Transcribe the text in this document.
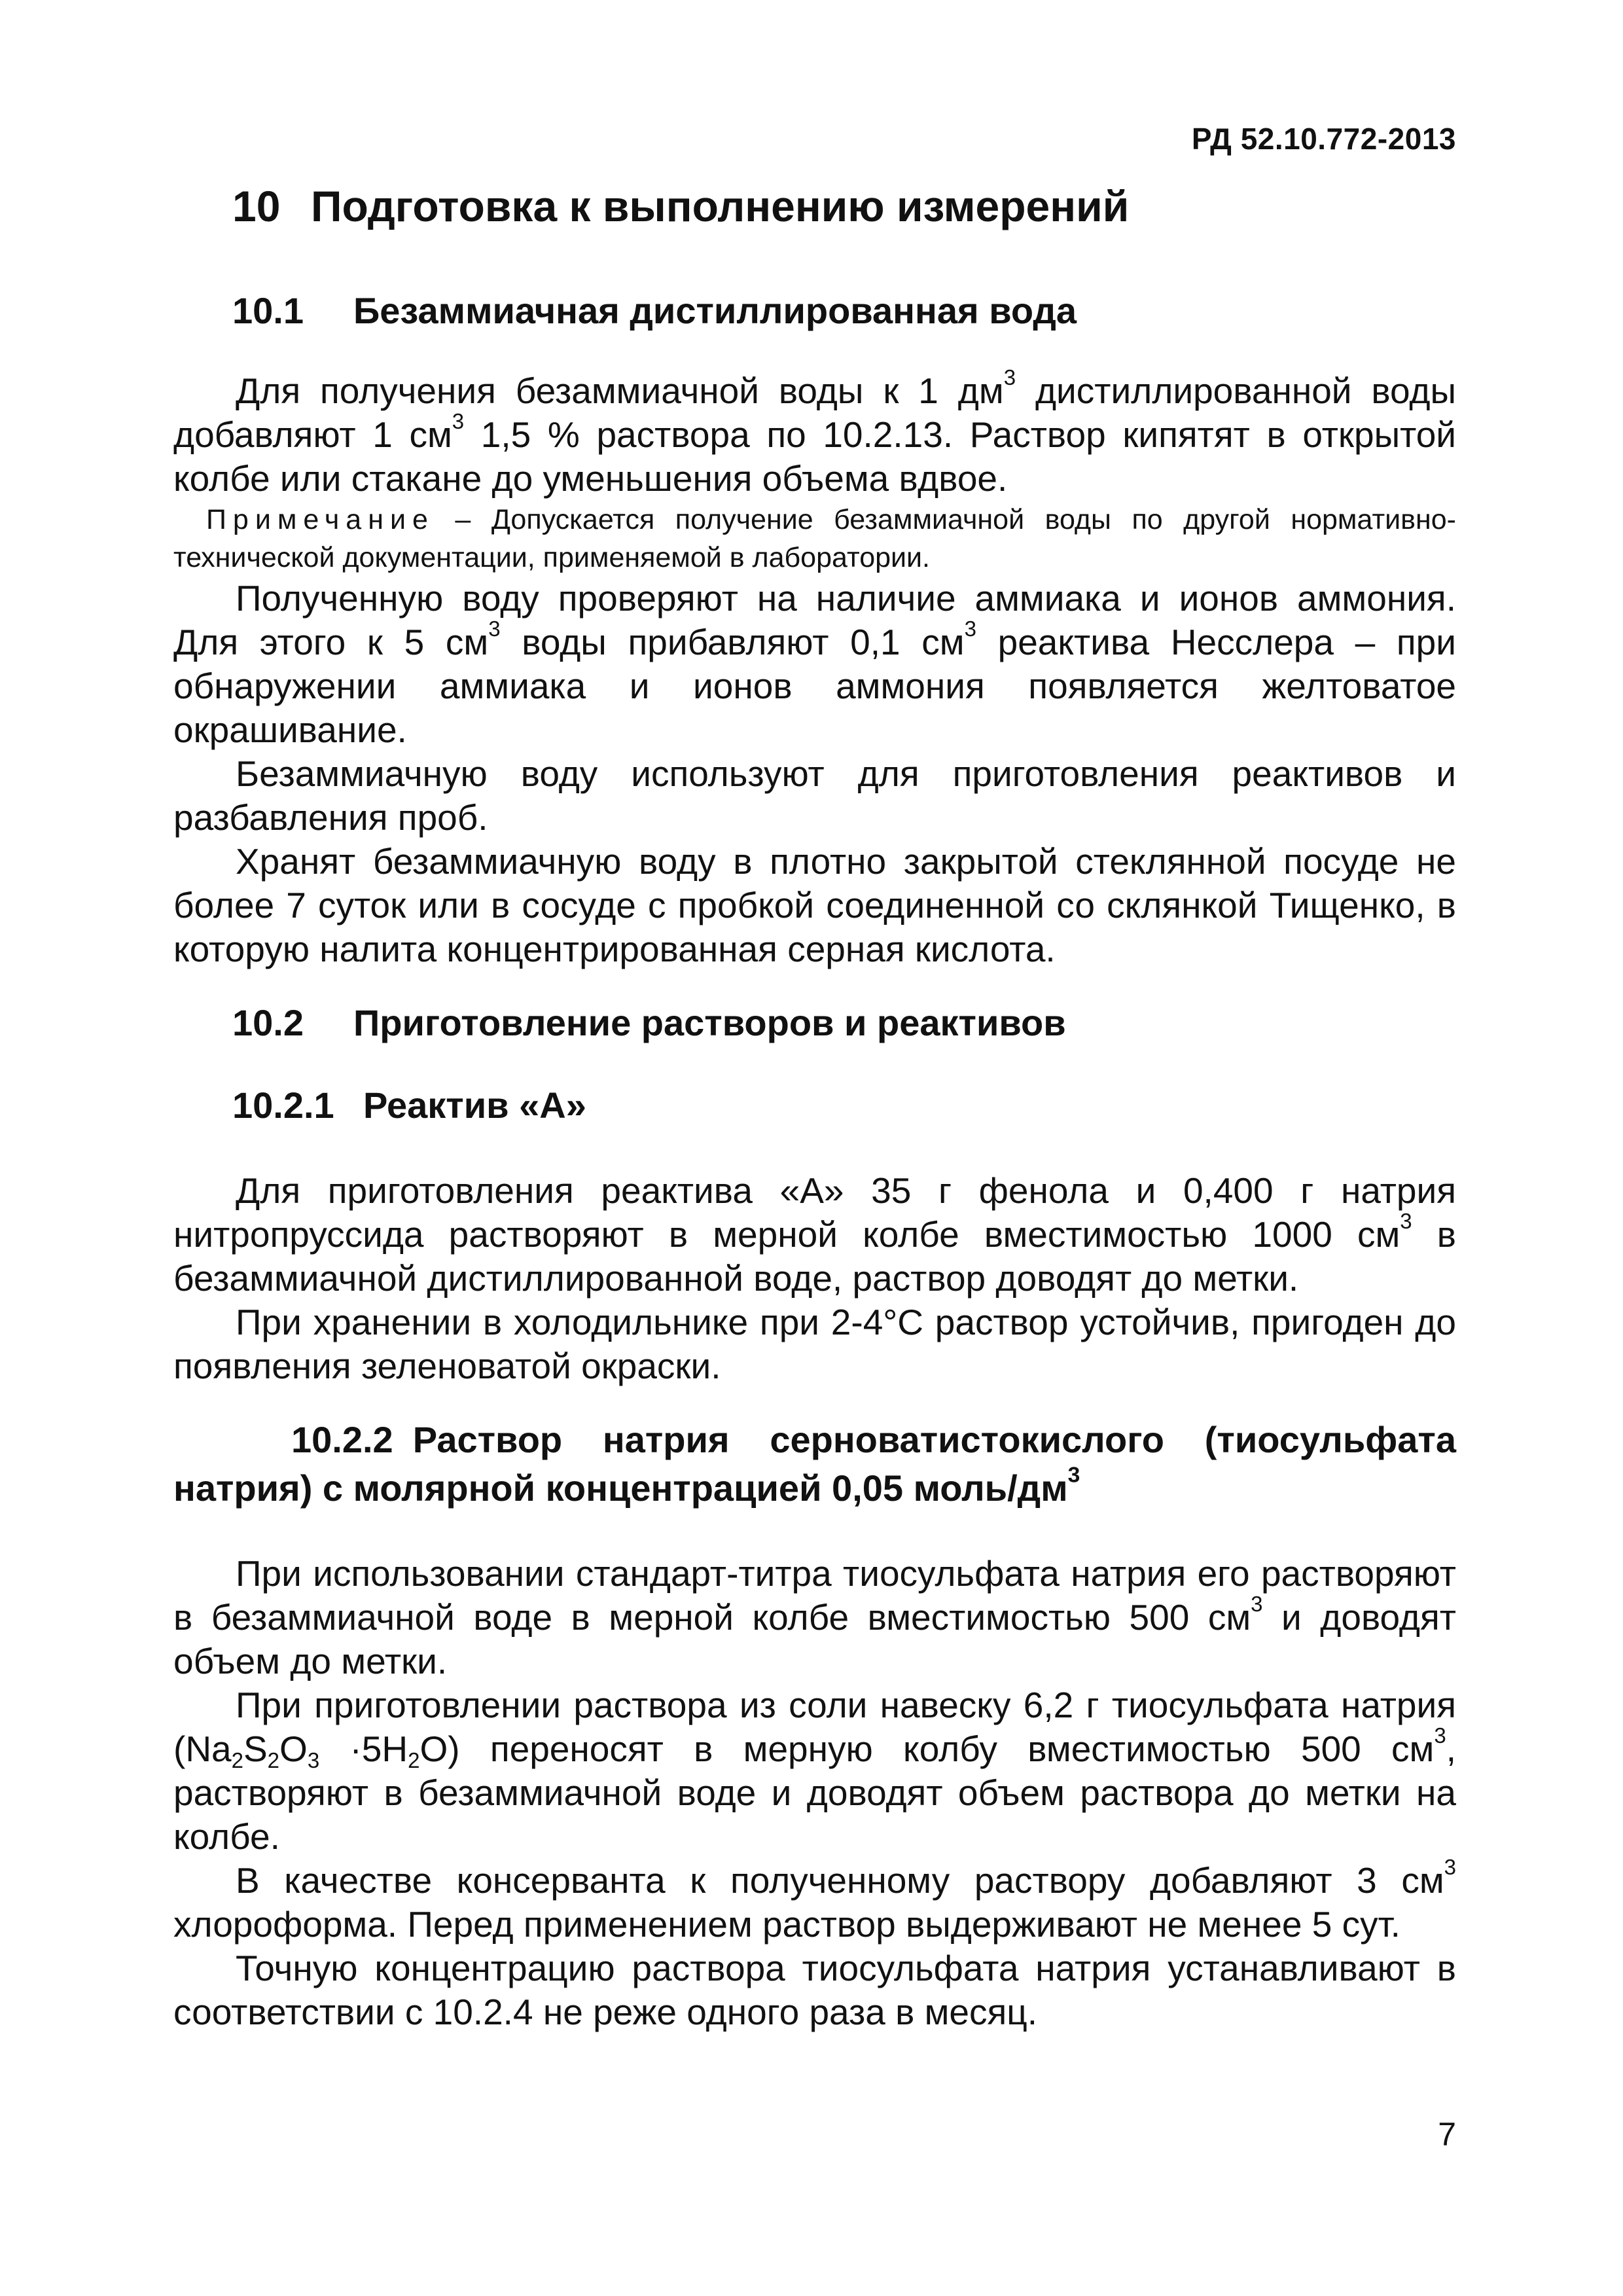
РД 52.10.772-2013
10 Подготовка к выполнению измерений
10.1 Безаммиачная дистиллированная вода

Для получения безаммиачной воды к 1 $дм^3$ дистиллированной воды добавляют 1 $см^3$ 1,5 % раствора по 10.2.13. Раствор кипятят в открытой колбе или стакане до уменьшения объема вдвое.

Примечание – Допускается получение безаммиачной воды по другой нормативно-технической документации, применяемой в лаборатории.

Полученную воду проверяют на наличие аммиака и ионов аммония. Для этого к 5 $см^3$ воды прибавляют 0,1 $см^3$ реактива Несслера – при обнаружении аммиака и ионов аммония появляется желтоватое окрашивание.

Безаммиачную воду используют для приготовления реактивов и разбавления проб.

Хранят безаммиачную воду в плотно закрытой стеклянной посуде не более 7 суток или в сосуде с пробкой соединенной со склянкой Тищенко, в которую налита концентрированная серная кислота.

10.2 Приготовление растворов и реактивов
10.2.1 Реактив «А»

Для приготовления реактива «А» 35 г фенола и 0,400 г натрия нитропруссида растворяют в мерной колбе вместимостью 1000 $см^3$ в безаммиачной дистиллированной воде, раствор доводят до метки.

При хранении в холодильнике при 2-4°С раствор устойчив, пригоден до появления зеленоватой окраски.

10.2.2 Раствор натрия серноватистокислого (тиосульфата натрия) с молярной концентрацией 0,05 моль/$дм^3$

При использовании стандарт-титра тиосульфата натрия его растворяют в безаммиачной воде в мерной колбе вместимостью 500 $см^3$ и доводят объем до метки.

При приготовлении раствора из соли навеску 6,2 г тиосульфата натрия $(Na_2S_2O_3 \cdot 5H_2O)$ переносят в мерную колбу вместимостью 500 $см^3$, растворяют в безаммиачной воде и доводят объем раствора до метки на колбе.

В качестве консерванта к полученному раствору добавляют 3 $см^3$ хлороформа. Перед применением раствор выдерживают не менее 5 сут.

Точную концентрацию раствора тиосульфата натрия устанавливают в соответствии с 10.2.4 не реже одного раза в месяц.

7
